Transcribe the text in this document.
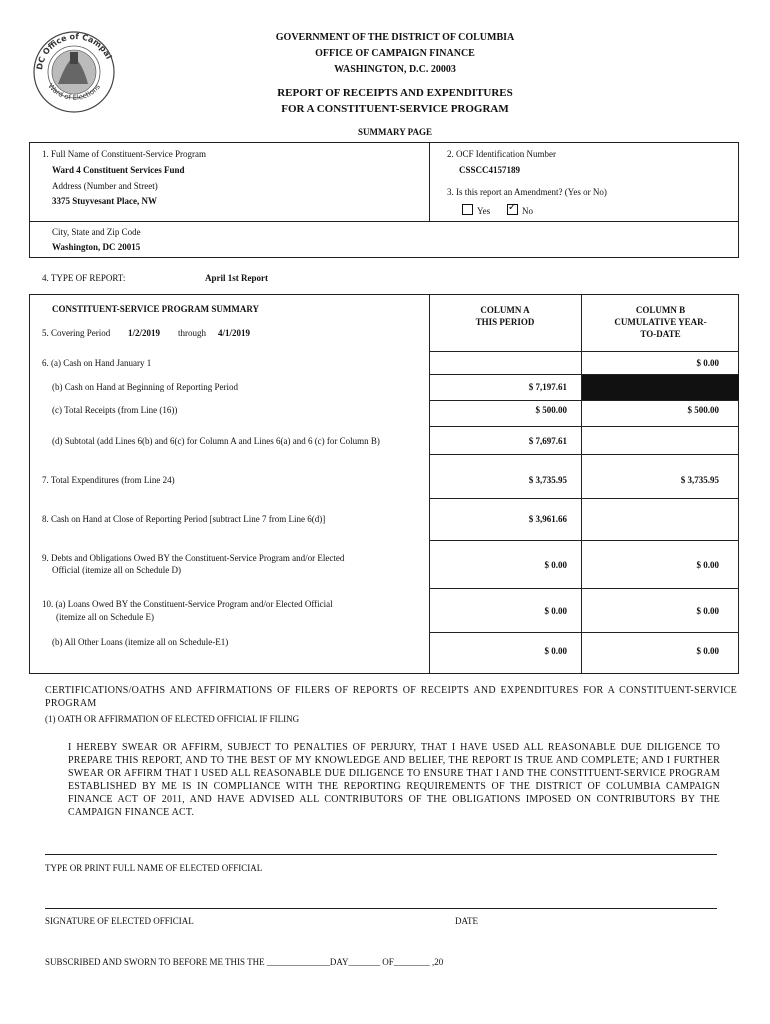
DC Office of Campai
Ward of Elections
GOVERNMENT OF THE DISTRICT OF COLUMBIA
OFFICE OF CAMPAIGN FINANCE
WASHINGTON, D.C. 20003
REPORT OF RECEIPTS AND EXPENDITURES
FOR A CONSTITUENT-SERVICE PROGRAM
SUMMARY PAGE
1. Full Name of Constituent-Service Program
Ward 4 Constituent Services Fund
Address (Number and Street)
3375 Stuyvesant Place, NW
2. OCF Identification Number
CSSCC4157189
3. Is this report an Amendment? (Yes or No)
Yes
✓	No
City, State and Zip Code
Washington, DC 20015
4. TYPE OF REPORT:	April 1st Report
CONSTITUENT-SERVICE PROGRAM SUMMARY
5. Covering Period 1/2/2019 through 4/1/2019
COLUMN A
THIS PERIOD
COLUMN B
CUMULATIVE YEAR-
TO-DATE
6. (a) Cash on Hand January 1
(b) Cash on Hand at Beginning of Reporting Period
(c) Total Receipts (from Line (16))
(d) Subtotal (add Lines 6(b) and 6(c) for Column A and Lines 6(a) and 6 (c) for Column B)
7. Total Expenditures (from Line 24)
8. Cash on Hand at Close of Reporting Period [subtract Line 7 from Line 6(d)]
9. Debts and Obligations Owed BY the Constituent-Service Program and/or Elected
Official (itemize all on Schedule D)
10. (a) Loans Owed BY the Constituent-Service Program and/or Elected Official
(itemize all on Schedule E)
(b) All Other Loans (itemize all on Schedule-E1)
$ 7,197.61
$ 500.00
$ 7,697.61
$ 3,735.95
$ 3,961.66
$ 0.00
$ 0.00
$ 0.00
$ 0.00
$ 500.00
$ 3,735.95
$ 0.00
$ 0.00
$ 0.00
CERTIFICATIONS/OATHS AND AFFIRMATIONS OF FILERS OF REPORTS OF RECEIPTS AND EXPENDITURES FOR A CONSTITUENT-SERVICE PROGRAM
(1) OATH OR AFFIRMATION OF ELECTED OFFICIAL IF FILING
I HEREBY SWEAR OR AFFIRM, SUBJECT TO PENALTIES OF PERJURY, THAT I HAVE USED ALL REASONABLE DUE DILIGENCE TO PREPARE THIS REPORT, AND TO THE BEST OF MY KNOWLEDGE AND BELIEF, THE REPORT IS TRUE AND COMPLETE; AND I FURTHER SWEAR OR AFFIRM THAT I USED ALL REASONABLE DUE DILIGENCE TO ENSURE THAT I AND THE CONSTITUENT-SERVICE PROGRAM ESTABLISHED BY ME IS IN COMPLIANCE WITH THE REPORTING REQUIREMENTS OF THE DISTRICT OF COLUMBIA CAMPAIGN FINANCE ACT OF 2011, AND HAVE ADVISED ALL CONTRIBUTORS OF THE OBLIGATIONS IMPOSED ON CONTRIBUTORS BY THE CAMPAIGN FINANCE ACT.
TYPE OR PRINT FULL NAME OF ELECTED OFFICIAL
SIGNATURE OF ELECTED OFFICIAL	DATE
SUBSCRIBED AND SWORN TO BEFORE ME THIS THE ______________DAY_______ OF________ ,20
